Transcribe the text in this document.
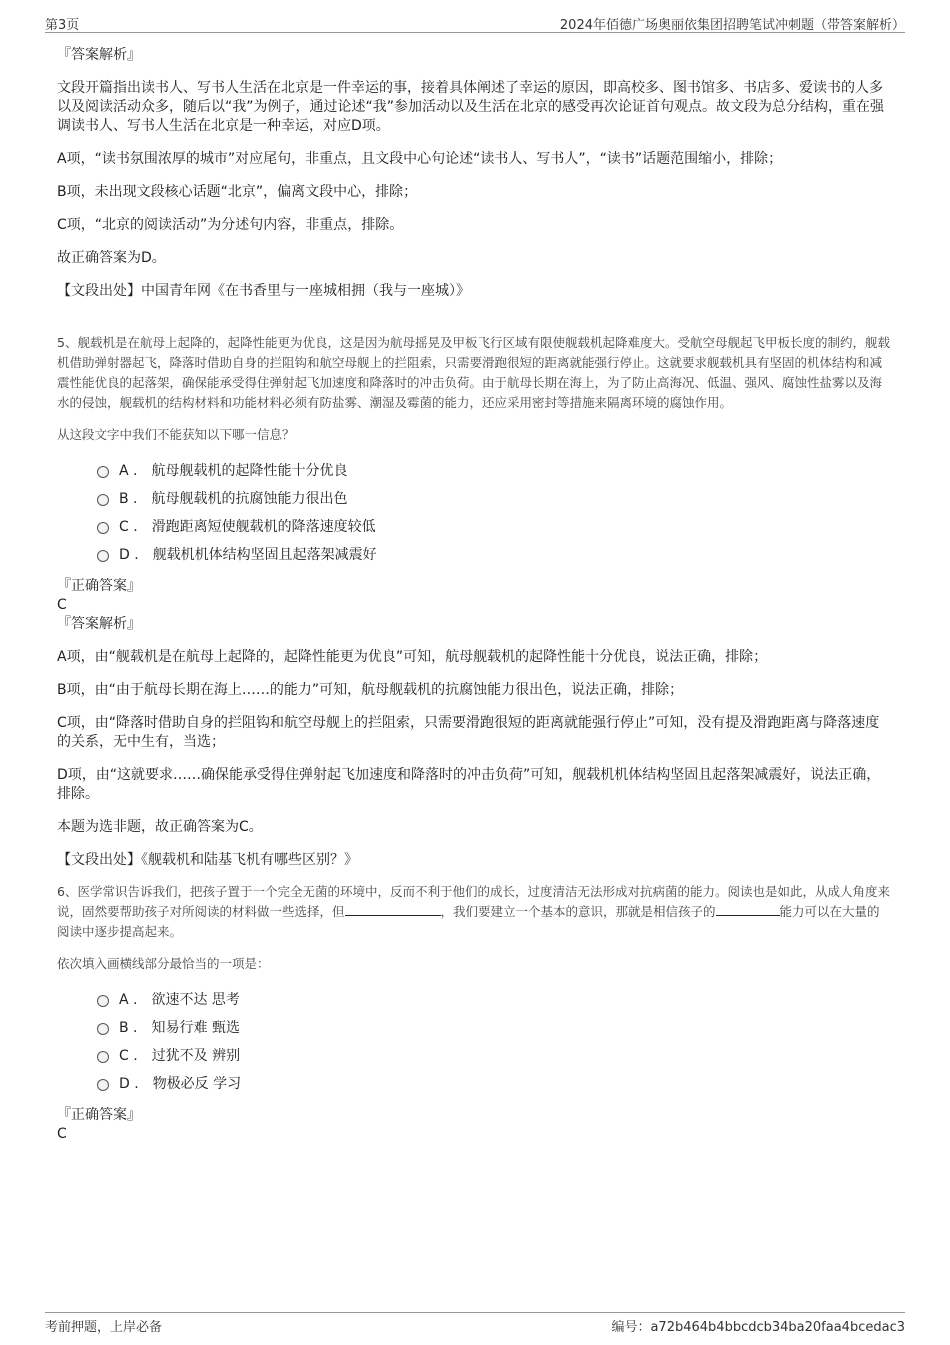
第3页	2024年佰德广场奥丽依集团招聘笔试冲刺题（带答案解析）

『答案解析』

文段开篇指出读书人、写书人生活在北京是一件幸运的事，接着具体阐述了幸运的原因，即高校多、图书馆多、书店多、爱读书的人多以及阅读活动众多，随后以“我”为例子，通过论述“我”参加活动以及生活在北京的感受再次论证首句观点。故文段为总分结构，重在强调读书人、写书人生活在北京是一种幸运，对应D项。

A项，“读书氛围浓厚的城市”对应尾句，非重点，且文段中心句论述“读书人、写书人”，“读书”话题范围缩小，排除；

B项，未出现文段核心话题“北京”，偏离文段中心，排除；

C项，“北京的阅读活动”为分述句内容，非重点，排除。

故正确答案为D。

【文段出处】中国青年网《在书香里与一座城相拥（我与一座城）》

5、舰载机是在航母上起降的，起降性能更为优良，这是因为航母摇晃及甲板飞行区域有限使舰载机起降难度大。受航空母舰起飞甲板长度的制约，舰载机借助弹射器起飞，降落时借助自身的拦阻钩和航空母舰上的拦阻索，只需要滑跑很短的距离就能强行停止。这就要求舰载机具有坚固的机体结构和减震性能优良的起落架，确保能承受得住弹射起飞加速度和降落时的冲击负荷。由于航母长期在海上，为了防止高海况、低温、强风、腐蚀性盐雾以及海水的侵蚀，舰载机的结构材料和功能材料必须有防盐雾、潮湿及霉菌的能力，还应采用密封等措施来隔离环境的腐蚀作用。

从这段文字中我们不能获知以下哪一信息？

A . 航母舰载机的起降性能十分优良
B . 航母舰载机的抗腐蚀能力很出色
C . 滑跑距离短使舰载机的降落速度较低
D . 舰载机机体结构坚固且起落架减震好

『正确答案』

C

『答案解析』

A项，由“舰载机是在航母上起降的，起降性能更为优良”可知，航母舰载机的起降性能十分优良，说法正确，排除；

B项，由“由于航母长期在海上……的能力”可知，航母舰载机的抗腐蚀能力很出色，说法正确，排除；

C项，由“降落时借助自身的拦阻钩和航空母舰上的拦阻索，只需要滑跑很短的距离就能强行停止”可知，没有提及滑跑距离与降落速度的关系，无中生有，当选；

D项，由“这就要求……确保能承受得住弹射起飞加速度和降落时的冲击负荷”可知，舰载机机体结构坚固且起落架减震好，说法正确，排除。

本题为选非题，故正确答案为C。

【文段出处】《舰载机和陆基飞机有哪些区别？》

6、医学常识告诉我们，把孩子置于一个完全无菌的环境中，反而不利于他们的成长，过度清洁无法形成对抗病菌的能力。阅读也是如此，从成人角度来说，固然要帮助孩子对所阅读的材料做一些选择，但	，我们要建立一个基本的意识，那就是相信孩子的	能力可以在大量的阅读中逐步提高起来。

依次填入画横线部分最恰当的一项是：

A . 欲速不达 思考
B . 知易行难 甄选
C . 过犹不及 辨别
D . 物极必反 学习

『正确答案』

C

考前押题，上岸必备	编号：a72b464b4bbcdcb34ba20faa4bcedac3
